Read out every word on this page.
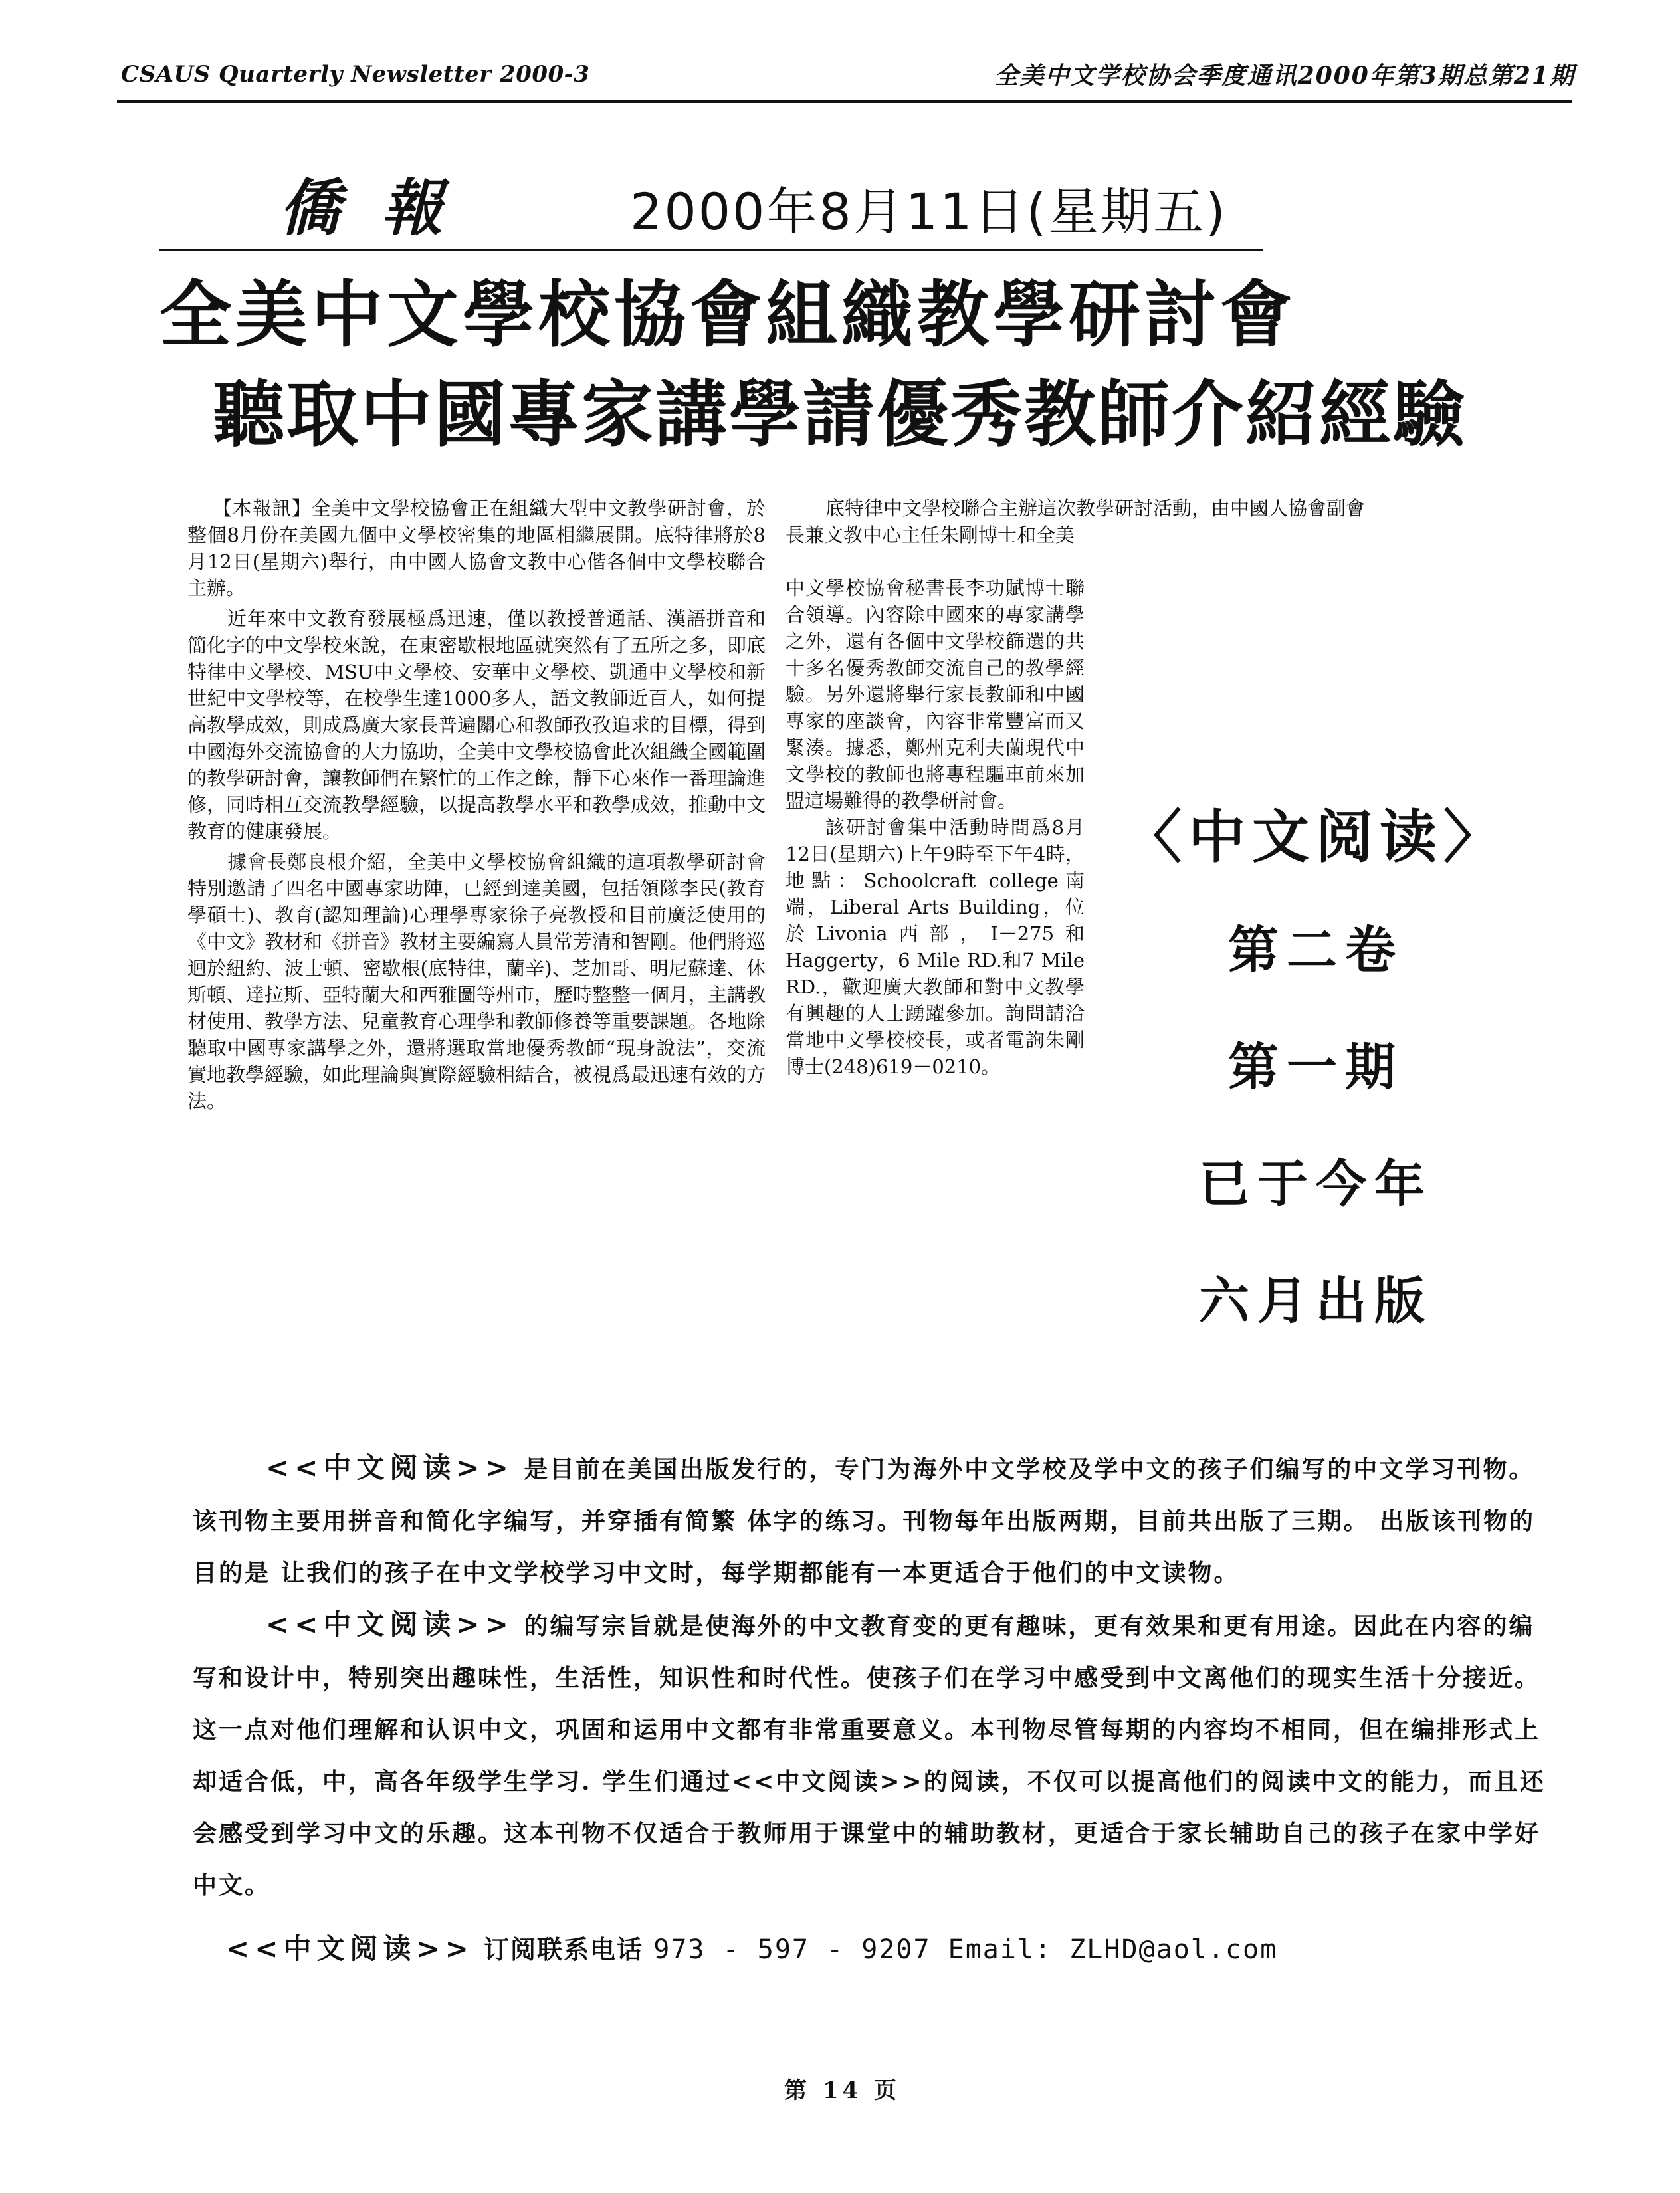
CSAUS Quarterly Newsletter 2000-3	全美中文学校协会季度通讯2000年第3期总第21期
僑報	2000年8月11日(星期五)
全美中文學校協會組織教學研討會
聽取中國專家講學請優秀教師介紹經驗

【本報訊】全美中文學校協會正在組織大型中文教學研討會，於整個8月份在美國九個中文學校密集的地區相繼展開。底特律將於8月12日(星期六)舉行，由中國人協會文教中心偕各個中文學校聯合主辦。

近年來中文教育發展極爲迅速，僅以教授普通話、漢語拼音和簡化字的中文學校來說，在東密歇根地區就突然有了五所之多，即底特律中文學校、MSU中文學校、安華中文學校、凱通中文學校和新世紀中文學校等，在校學生達1000多人，語文教師近百人，如何提高教學成效，則成爲廣大家長普遍關心和教師孜孜追求的目標，得到中國海外交流協會的大力協助，全美中文學校協會此次組織全國範圍的教學研討會，讓教師們在繁忙的工作之餘，靜下心來作一番理論進修，同時相互交流教學經驗，以提高教學水平和教學成效，推動中文教育的健康發展。

據會長鄭良根介紹，全美中文學校協會組織的這項教學研討會特別邀請了四名中國專家助陣，已經到達美國，包括領隊李民(教育學碩士)、教育(認知理論)心理學專家徐子亮教授和目前廣泛使用的《中文》教材和《拼音》教材主要編寫人員常芳清和智剛。他們將巡迴於紐約、波士頓、密歇根(底特律，蘭辛)、芝加哥、明尼蘇達、休斯頓、達拉斯、亞特蘭大和西雅圖等州市，歷時整整一個月，主講教材使用、教學方法、兒童教育心理學和教師修養等重要課題。各地除聽取中國專家講學之外，還將選取當地優秀教師“現身說法”，交流實地教學經驗，如此理論與實際經驗相結合，被視爲最迅速有效的方法。

底特律中文學校聯合主辦這次教學研討活動，由中國人協會副會長兼文教中心主任朱剛博士和全美

中文學校協會秘書長李功賦博士聯合領導。內容除中國來的專家講學之外，還有各個中文學校篩選的共十多名優秀教師交流自己的教學經驗。另外還將舉行家長教師和中國專家的座談會，內容非常豐富而又緊湊。據悉，鄭州克利夫蘭現代中文學校的教師也將專程驅車前來加盟這場難得的教學研討會。

該研討會集中活動時間爲8月12日(星期六)上午9時至下午4時，地點：Schoolcraft college南端，Liberal Arts Building，位於Livonia西部，I－275和Haggerty，6 Mile RD.和7 Mile RD.，歡迎廣大教師和對中文教學有興趣的人士踴躍參加。詢問請洽當地中文學校校長，或者電詢朱剛博士(248)619－0210。

〈中文阅读〉
第二卷
第一期
已于今年
六月出版

<<中文阅读>> 是目前在美国出版发行的，专门为海外中文学校及学中文的孩子们编写的中文学习刊物。该刊物主要用拼音和简化字编写，并穿插有简繁 体字的练习。刊物每年出版两期，目前共出版了三期。 出版该刊物的目的是 让我们的孩子在中文学校学习中文时，每学期都能有一本更适合于他们的中文读物。

<<中文阅读>> 的编写宗旨就是使海外的中文教育变的更有趣味，更有效果和更有用途。因此在内容的编写和设计中，特别突出趣味性，生活性，知识性和时代性。使孩子们在学习中感受到中文离他们的现实生活十分接近。这一点对他们理解和认识中文，巩固和运用中文都有非常重要意义。本刊物尽管每期的内容均不相同，但在编排形式上却适合低，中，高各年级学生学习. 学生们通过<<中文阅读>>的阅读，不仅可以提高他们的阅读中文的能力，而且还会感受到学习中文的乐趣。这本刊物不仅适合于教师用于课堂中的辅助教材，更适合于家长辅助自己的孩子在家中学好中文。

<<中文阅读>> 订阅联系电话 973 - 597 - 9207 Email: ZLHD@aol.com
第 14 页
